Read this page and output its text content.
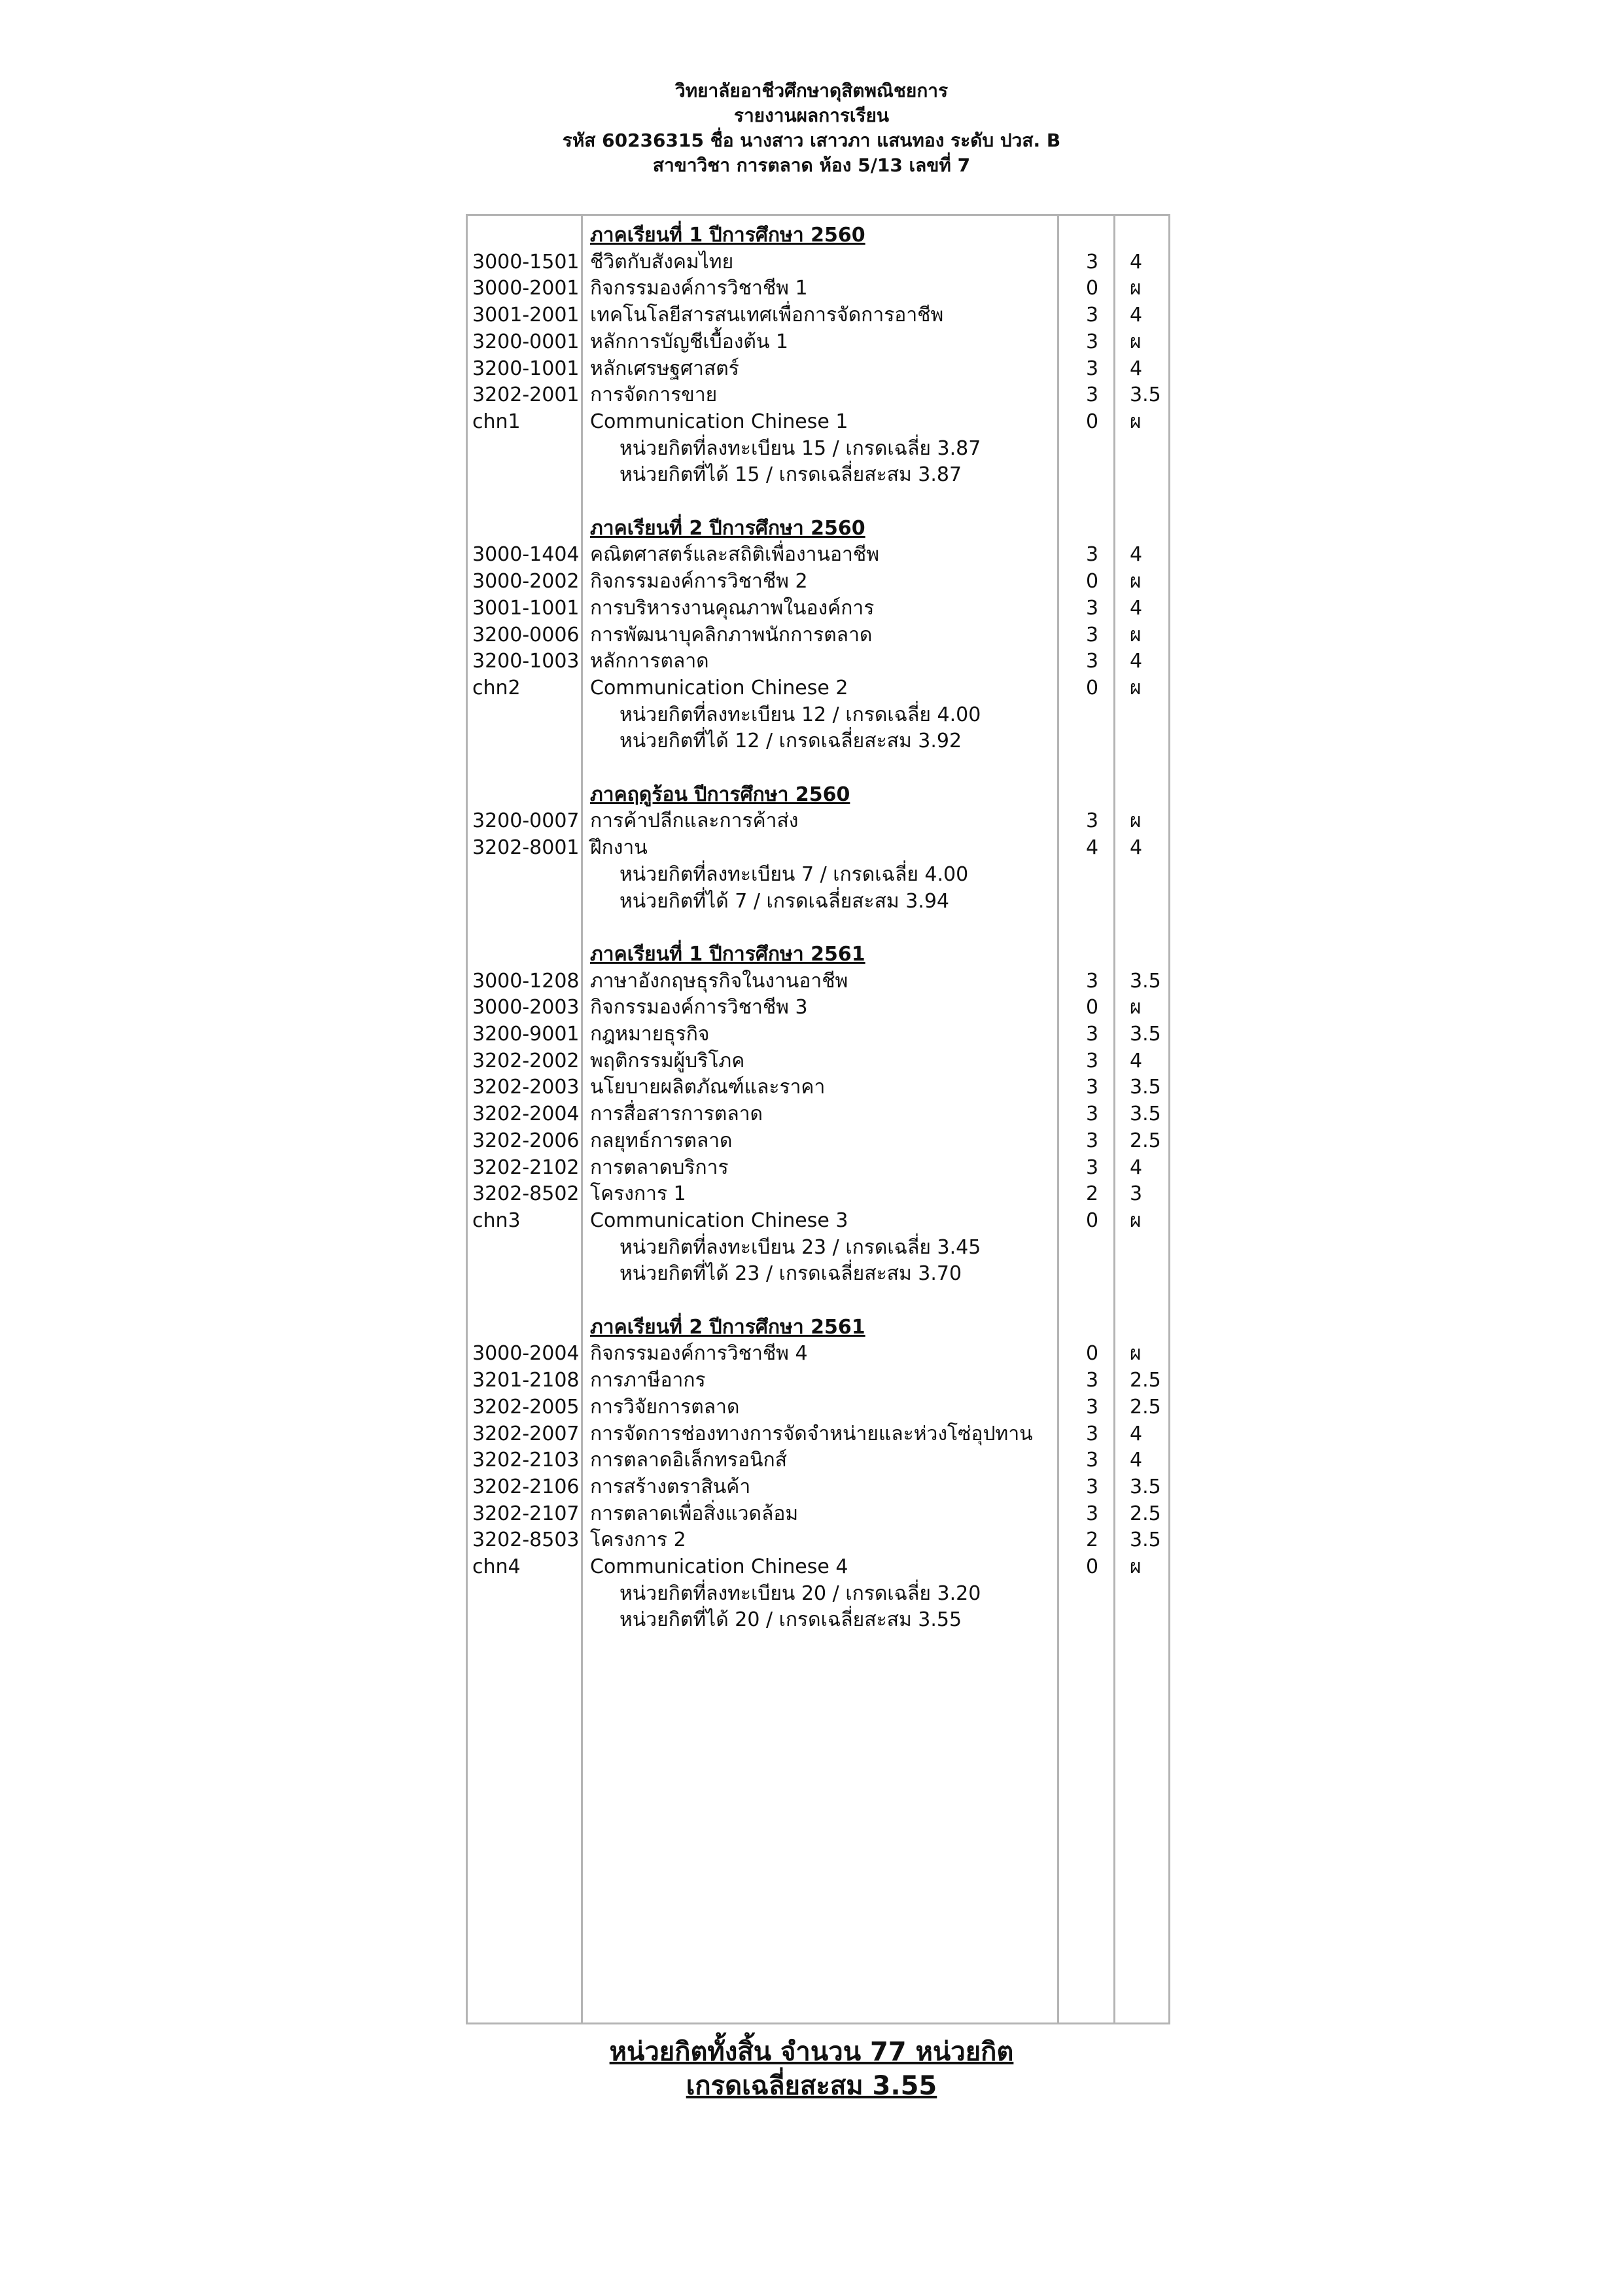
วิทยาลัยอาชีวศึกษาดุสิตพณิชยการ
รายงานผลการเรียน
รหัส 60236315 ชื่อ นางสาว เสาวภา แสนทอง ระดับ ปวส. B
สาขาวิชา การตลาด ห้อง 5/13 เลขที่ 7
ภาคเรียนที่ 1 ปีการศึกษา 2560
3000-1501 ชีวิตกับสังคมไทย	3 4
3000-2001 กิจกรรมองค์การวิชาชีพ 1	0 ผ
3001-2001 เทคโนโลยีสารสนเทศเพื่อการจัดการอาชีพ	3 4
3200-0001 หลักการบัญชีเบื้องต้น 1	3 ผ
3200-1001 หลักเศรษฐศาสตร์	3 4
3202-2001 การจัดการขาย	3 3.5
chn1	Communication Chinese 1	0 ผ
หน่วยกิตที่ลงทะเบียน 15 / เกรดเฉลี่ย 3.87
หน่วยกิตที่ได้ 15 / เกรดเฉลี่ยสะสม 3.87
ภาคเรียนที่ 2 ปีการศึกษา 2560
3000-1404 คณิตศาสตร์และสถิติเพื่องานอาชีพ	3 4
3000-2002 กิจกรรมองค์การวิชาชีพ 2	0 ผ
3001-1001 การบริหารงานคุณภาพในองค์การ	3 4
3200-0006 การพัฒนาบุคลิกภาพนักการตลาด	3 ผ
3200-1003 หลักการตลาด	3 4
chn2	Communication Chinese 2	0 ผ
หน่วยกิตที่ลงทะเบียน 12 / เกรดเฉลี่ย 4.00
หน่วยกิตที่ได้ 12 / เกรดเฉลี่ยสะสม 3.92
ภาคฤดูร้อน ปีการศึกษา 2560
3200-0007 การค้าปลีกและการค้าส่ง	3 ผ
3202-8001 ฝึกงาน	4 4
หน่วยกิตที่ลงทะเบียน 7 / เกรดเฉลี่ย 4.00
หน่วยกิตที่ได้ 7 / เกรดเฉลี่ยสะสม 3.94
ภาคเรียนที่ 1 ปีการศึกษา 2561
3000-1208 ภาษาอังกฤษธุรกิจในงานอาชีพ	3 3.5
3000-2003 กิจกรรมองค์การวิชาชีพ 3	0 ผ
3200-9001 กฎหมายธุรกิจ	3 3.5
3202-2002 พฤติกรรมผู้บริโภค	3 4
3202-2003 นโยบายผลิตภัณฑ์และราคา	3 3.5
3202-2004 การสื่อสารการตลาด	3 3.5
3202-2006 กลยุทธ์การตลาด	3 2.5
3202-2102 การตลาดบริการ	3 4
3202-8502 โครงการ 1	2 3
chn3	Communication Chinese 3	0 ผ
หน่วยกิตที่ลงทะเบียน 23 / เกรดเฉลี่ย 3.45
หน่วยกิตที่ได้ 23 / เกรดเฉลี่ยสะสม 3.70
ภาคเรียนที่ 2 ปีการศึกษา 2561
3000-2004 กิจกรรมองค์การวิชาชีพ 4	0 ผ
3201-2108 การภาษีอากร	3 2.5
3202-2005 การวิจัยการตลาด	3 2.5
3202-2007 การจัดการช่องทางการจัดจำหน่ายและห่วงโซ่อุปทาน	3 4
3202-2103 การตลาดอิเล็กทรอนิกส์	3 4
3202-2106 การสร้างตราสินค้า	3 3.5
3202-2107 การตลาดเพื่อสิ่งแวดล้อม	3 2.5
3202-8503 โครงการ 2	2 3.5
chn4	Communication Chinese 4	0 ผ
หน่วยกิตที่ลงทะเบียน 20 / เกรดเฉลี่ย 3.20
หน่วยกิตที่ได้ 20 / เกรดเฉลี่ยสะสม 3.55
หน่วยกิตทั้งสิ้น จำนวน 77 หน่วยกิต
เกรดเฉลี่ยสะสม 3.55
